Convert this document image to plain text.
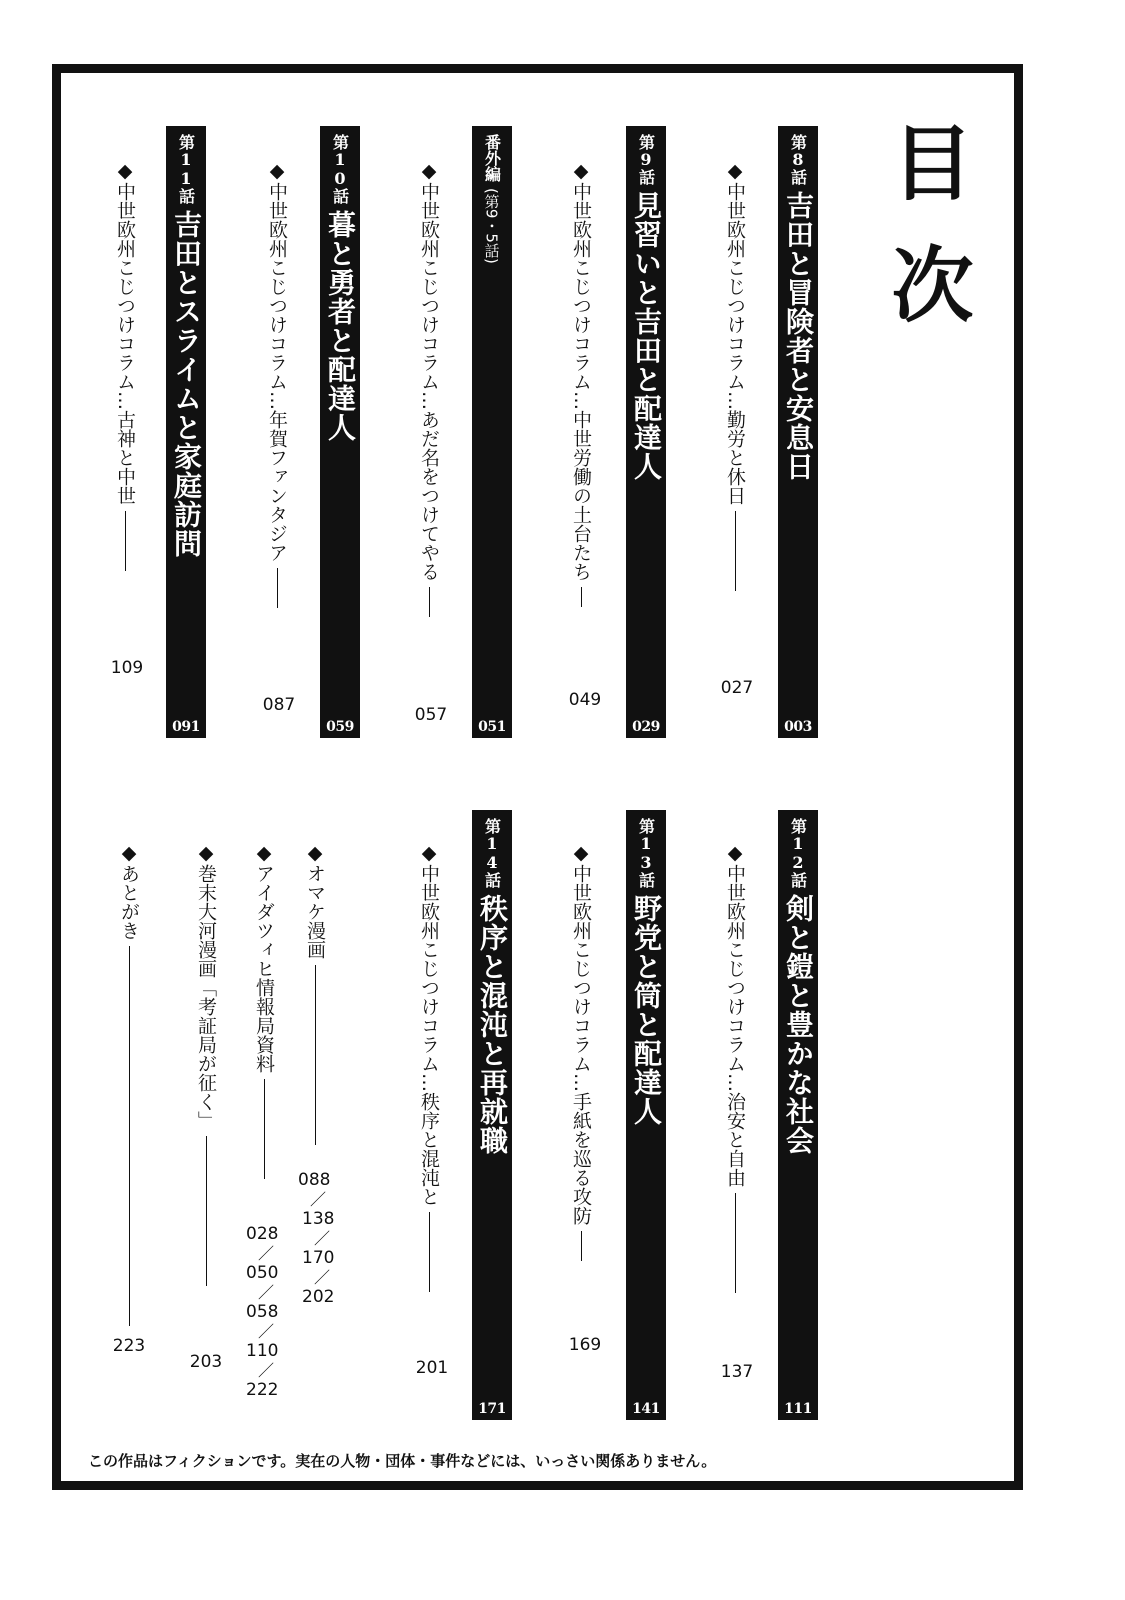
目次
第8話
吉田と冒険者と安息日
003
◆中世欧州こじつけコラム…勤労と休日
027
第9話
見習いと吉田と配達人
029
◆中世欧州こじつけコラム…中世労働の土台たち
049
番外編
(第9・5話)
051
◆中世欧州こじつけコラム…あだ名をつけてやる
057
第10話
暮と勇者と配達人
059
◆中世欧州こじつけコラム…年賀ファンタジア
087
第11話
吉田とスライムと家庭訪問
091
◆中世欧州こじつけコラム…古神と中世
109
第12話
剣と鎧と豊かな社会
111
◆中世欧州こじつけコラム…治安と自由
137
第13話
野党と筒と配達人
141
◆中世欧州こじつけコラム…手紙を巡る攻防
169
第14話
秩序と混沌と再就職
171
◆中世欧州こじつけコラム…秩序と混沌と
201
◆オマケ漫画
088
／
138
／
170
／
202
◆アイダツィヒ情報局資料
028
／
050
／
058
／
110
／
222
◆巻末大河漫画「考証局が征く」
203
◆あとがき
223
この作品はフィクションです。実在の人物・団体・事件などには、いっさい関係ありません。
